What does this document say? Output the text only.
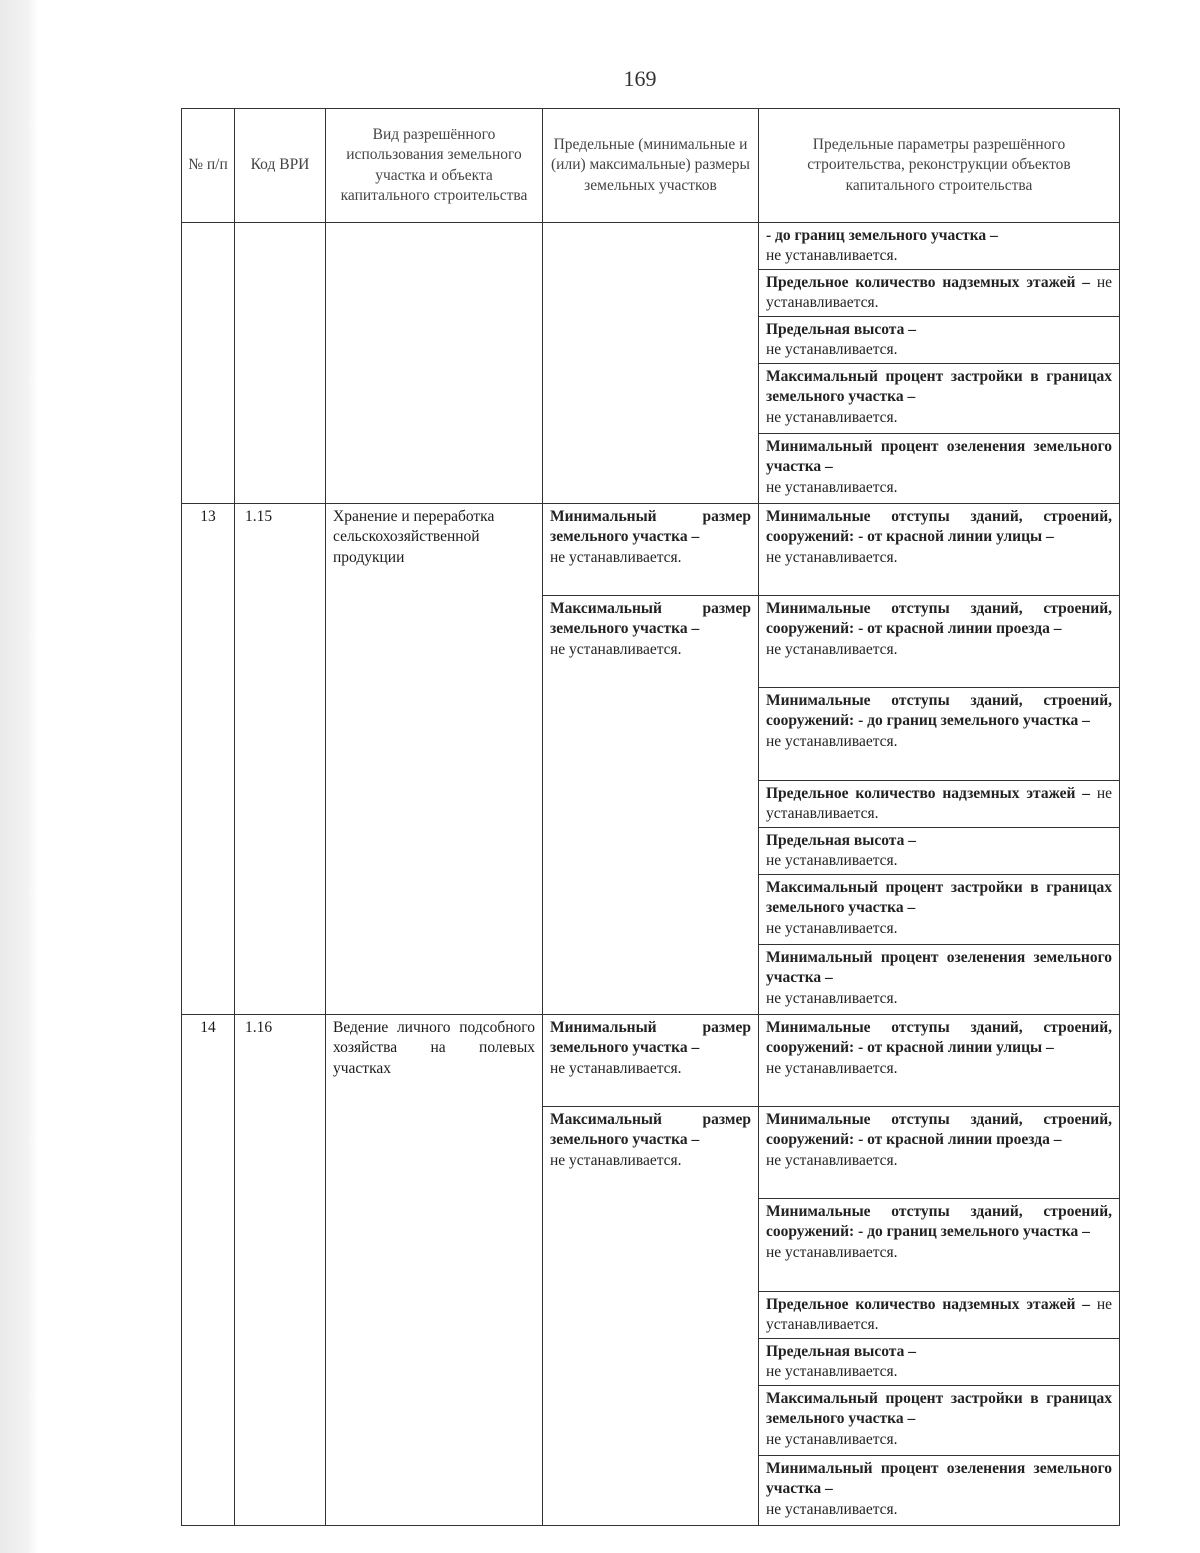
169
№ п/п	Код ВРИ	Вид разрешённого использования земельного участка и объекта капитального строительства	Предельные (минимальные и (или) максимальные) размеры земельных участков	Предельные параметры разрешённого строительства, реконструкции объектов капитального строительства
				- до границ земельного участка –
не устанавливается.
				Предельное количество надземных этажей – не устанавливается.
				Предельная высота –
не устанавливается.
				Максимальный процент застройки в границах земельного участка –
не устанавливается.
				Минимальный процент озеленения земельного участка –
не устанавливается.
13	1.15	Хранение и переработка сельскохозяйственной продукции	Минимальный размер земельного участка –
не устанавливается.	Минимальные отступы зданий, строений, сооружений: - от красной линии улицы –
не устанавливается.
			Максимальный размер земельного участка –
не устанавливается.	Минимальные отступы зданий, строений, сооружений: - от красной линии проезда –
не устанавливается.
				Минимальные отступы зданий, строений, сооружений: - до границ земельного участка –
не устанавливается.
				Предельное количество надземных этажей – не устанавливается.
				Предельная высота –
не устанавливается.
				Максимальный процент застройки в границах земельного участка –
не устанавливается.
				Минимальный процент озеленения земельного участка –
не устанавливается.
14	1.16	Ведение личного подсобного хозяйства на полевых участках	Минимальный размер земельного участка –
не устанавливается.	Минимальные отступы зданий, строений, сооружений: - от красной линии улицы –
не устанавливается.
			Максимальный размер земельного участка –
не устанавливается.	Минимальные отступы зданий, строений, сооружений: - от красной линии проезда –
не устанавливается.
				Минимальные отступы зданий, строений, сооружений: - до границ земельного участка –
не устанавливается.
				Предельное количество надземных этажей – не устанавливается.
				Предельная высота –
не устанавливается.
				Максимальный процент застройки в границах земельного участка –
не устанавливается.
				Минимальный процент озеленения земельного участка –
не устанавливается.
